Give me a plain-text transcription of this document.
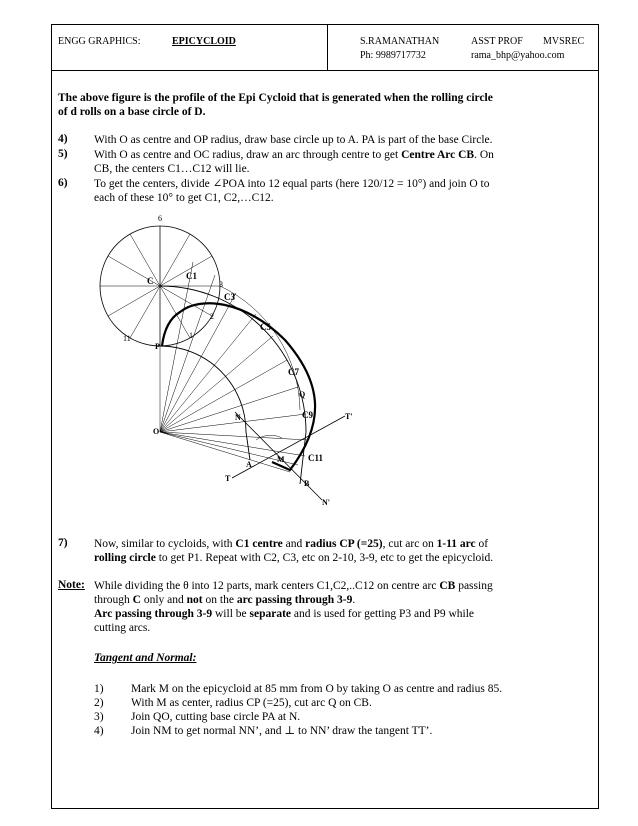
ENGG GRAPHICS:	EPICYCLOID	S.RAMANATHAN
Ph: 9989717732
ASST PROF MVSREC
rama_bhp@yahoo.com
The above figure is the profile of the Epi Cycloid that is generated when the rolling circle
of d rolls on a base circle of D.
4) With O as centre and OP radius, draw base circle up to A. PA is part of the base Circle.
5) With O as centre and OC radius, draw an arc through centre to get Centre Arc CB. On
CB, the centers C1…C12 will lie.
6) To get the centers, divide ∠POA into 12 equal parts (here 120/12 = 10°) and join O to
each of these 10° to get C1, C2,…C12.
6
C	C1
C3
C5
C7
C9
C11
3
2
1
11
P
O
N
Q
M
A
B
T
T'
N'
7) Now, similar to cycloids, with C1 centre and radius CP (=25), cut arc on 1-11 arc of
rolling circle to get P1. Repeat with C2, C3, etc on 2-10, 3-9, etc to get the epicycloid.
Note: While dividing the θ into 12 parts, mark centers C1,C2,..C12 on centre arc CB passing
through C only and not on the arc passing through 3-9.
Arc passing through 3-9 will be separate and is used for getting P3 and P9 while
cutting arcs.
Tangent and Normal:
1) Mark M on the epicycloid at 85 mm from O by taking O as centre and radius 85.
2) With M as center, radius CP (=25), cut arc Q on CB.
3) Join QO, cutting base circle PA at N.
4) Join NM to get normal NN’, and ⊥ to NN’ draw the tangent TT’.
